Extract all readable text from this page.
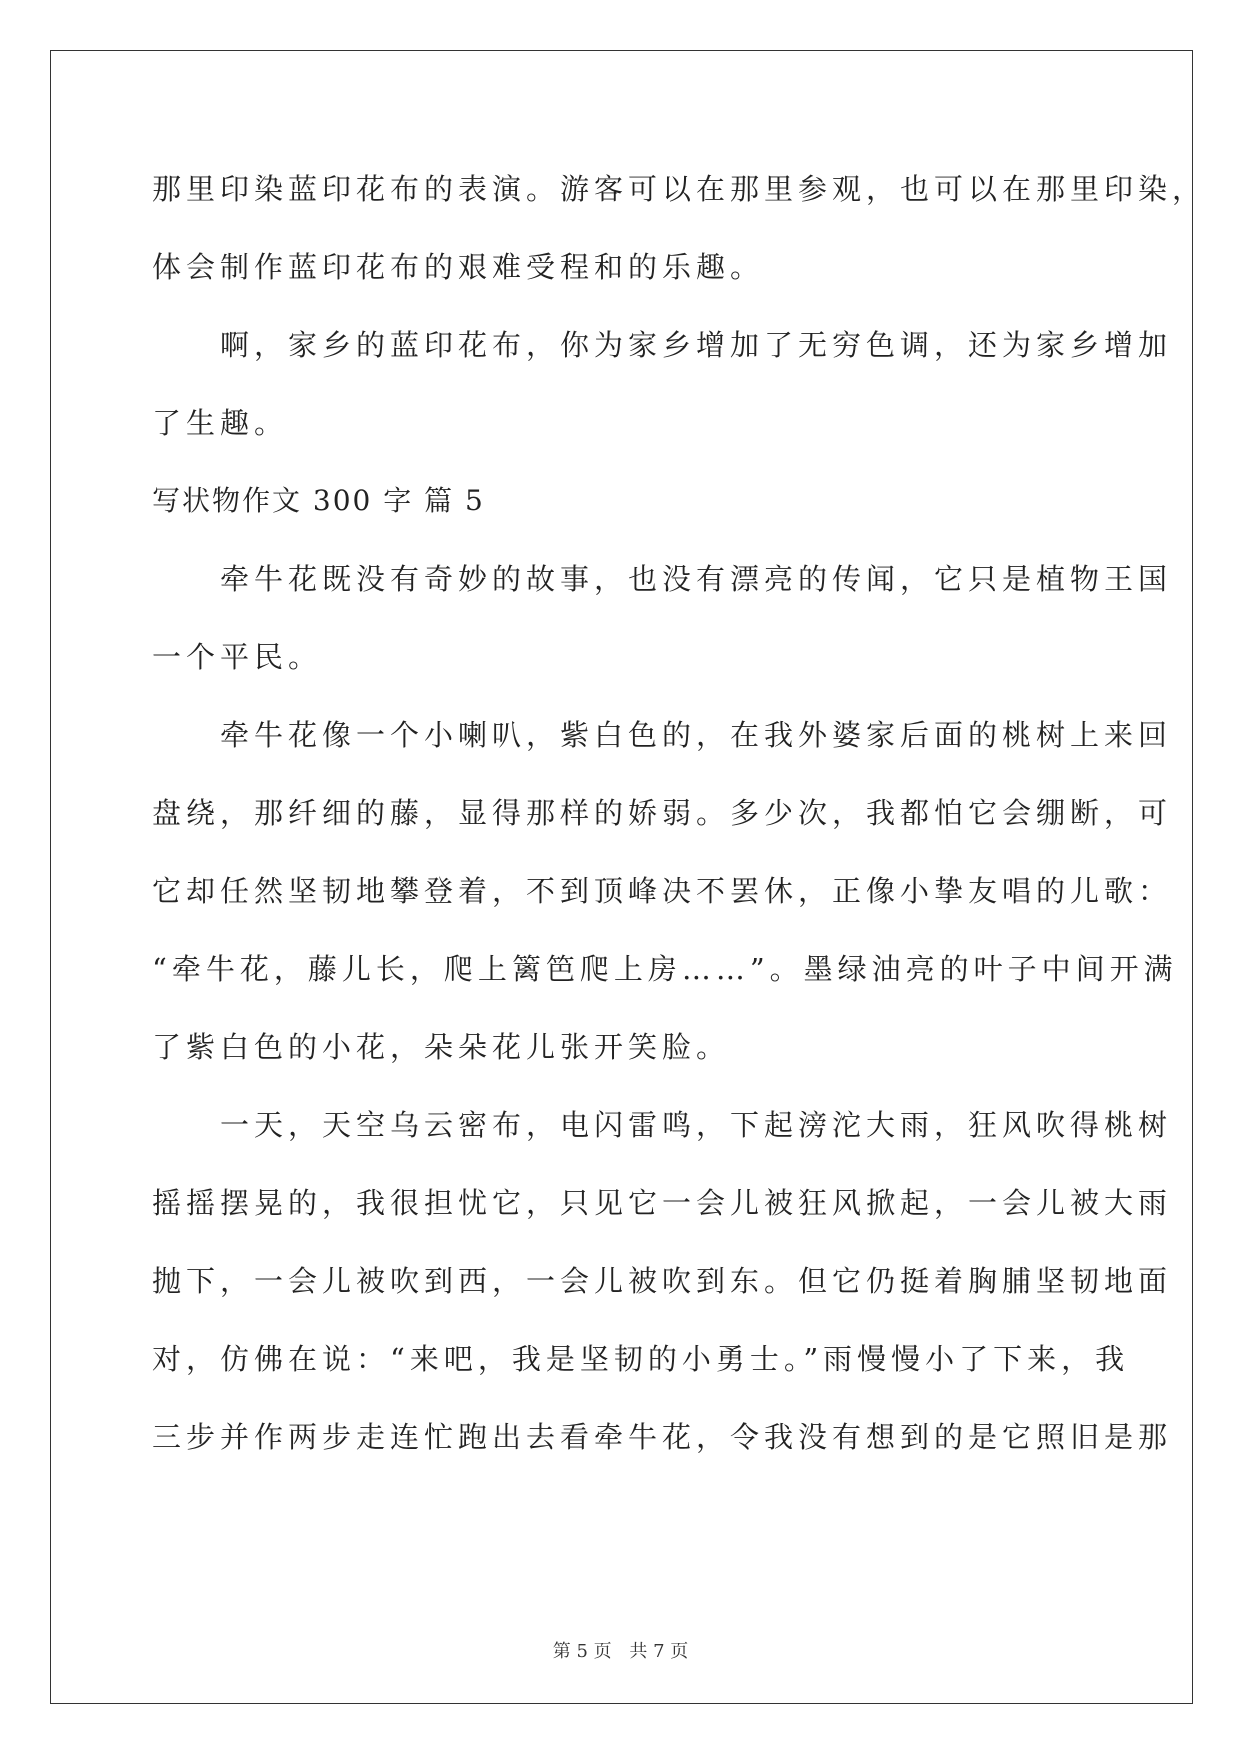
那里印染蓝印花布的表演。游客可以在那里参观，也可以在那里印染，
体会制作蓝印花布的艰难受程和的乐趣。
　　啊，家乡的蓝印花布，你为家乡增加了无穷色调，还为家乡增加
了生趣。
写状物作文 300 字 篇 5
　　牵牛花既没有奇妙的故事，也没有漂亮的传闻，它只是植物王国
一个平民。
　　牵牛花像一个小喇叭，紫白色的，在我外婆家后面的桃树上来回
盘绕，那纤细的藤，显得那样的娇弱。多少次，我都怕它会绷断，可
它却任然坚韧地攀登着，不到顶峰决不罢休，正像小挚友唱的儿歌：
“牵牛花，藤儿长，爬上篱笆爬上房……”。墨绿油亮的叶子中间开满
了紫白色的小花，朵朵花儿张开笑脸。
　　一天，天空乌云密布，电闪雷鸣，下起滂沱大雨，狂风吹得桃树
摇摇摆晃的，我很担忧它，只见它一会儿被狂风掀起，一会儿被大雨
抛下，一会儿被吹到西，一会儿被吹到东。但它仍挺着胸脯坚韧地面
对，仿佛在说：“来吧，我是坚韧的小勇士。”雨慢慢小了下来，我
三步并作两步走连忙跑出去看牵牛花，令我没有想到的是它照旧是那
第 5 页 共 7 页
